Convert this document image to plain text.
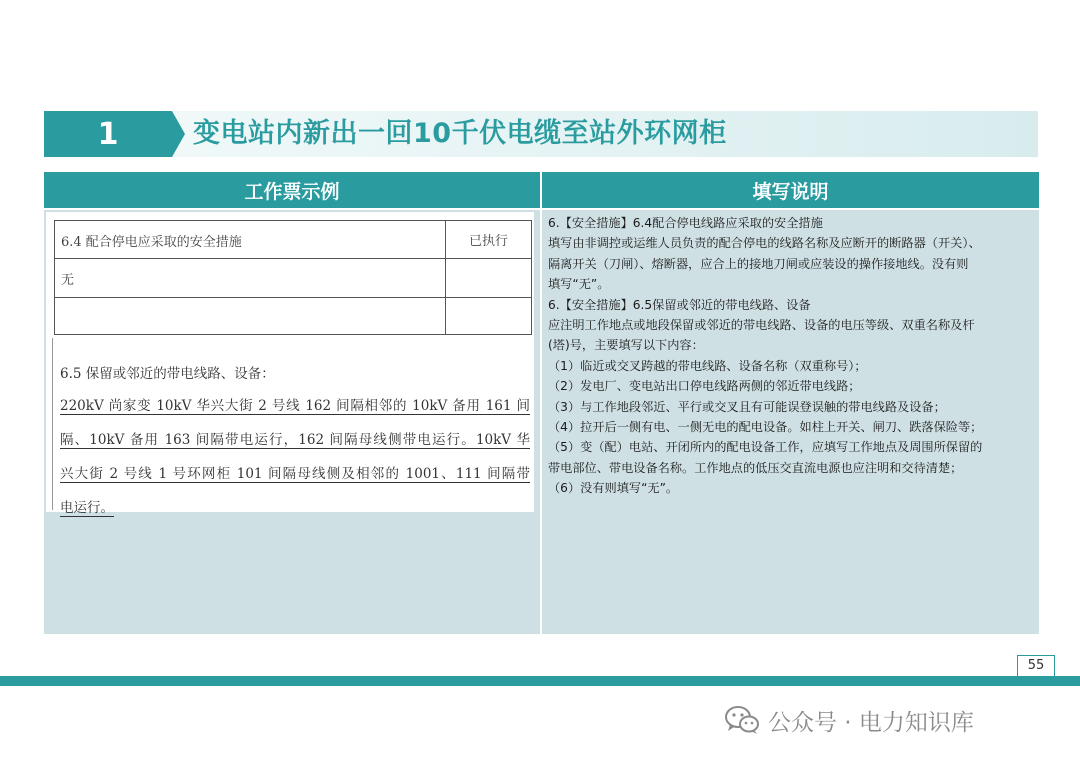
1	变电站内新出一回10千伏电缆至站外环网柜
工作票示例	填写说明
6.4 配合停电应采取的安全措施	已执行
无
6.5 保留或邻近的带电线路、设备：
220kV 尚家变 10kV 华兴大街 2 号线 162 间隔相邻的 10kV 备用 161 间
隔、10kV 备用 163 间隔带电运行，162 间隔母线侧带电运行。10kV 华
兴大街 2 号线 1 号环网柜 101 间隔母线侧及相邻的 1001、111 间隔带
电运行。
6.【安全措施】6.4配合停电线路应采取的安全措施
填写由非调控或运维人员负责的配合停电的线路名称及应断开的断路器（开关）、
隔离开关（刀闸）、熔断器，应合上的接地刀闸或应装设的操作接地线。没有则
填写“无”。
6.【安全措施】6.5保留或邻近的带电线路、设备
应注明工作地点或地段保留或邻近的带电线路、设备的电压等级、双重名称及杆
(塔)号，主要填写以下内容：
（1）临近或交叉跨越的带电线路、设备名称（双重称号）；
（2）发电厂、变电站出口停电线路两侧的邻近带电线路；
（3）与工作地段邻近、平行或交叉且有可能误登误触的带电线路及设备；
（4）拉开后一侧有电、一侧无电的配电设备。如柱上开关、闸刀、跌落保险等；
（5）变（配）电站、开闭所内的配电设备工作，应填写工作地点及周围所保留的
带电部位、带电设备名称。工作地点的低压交直流电源也应注明和交待清楚；
（6）没有则填写“无”。
55
公众号 · 电力知识库
